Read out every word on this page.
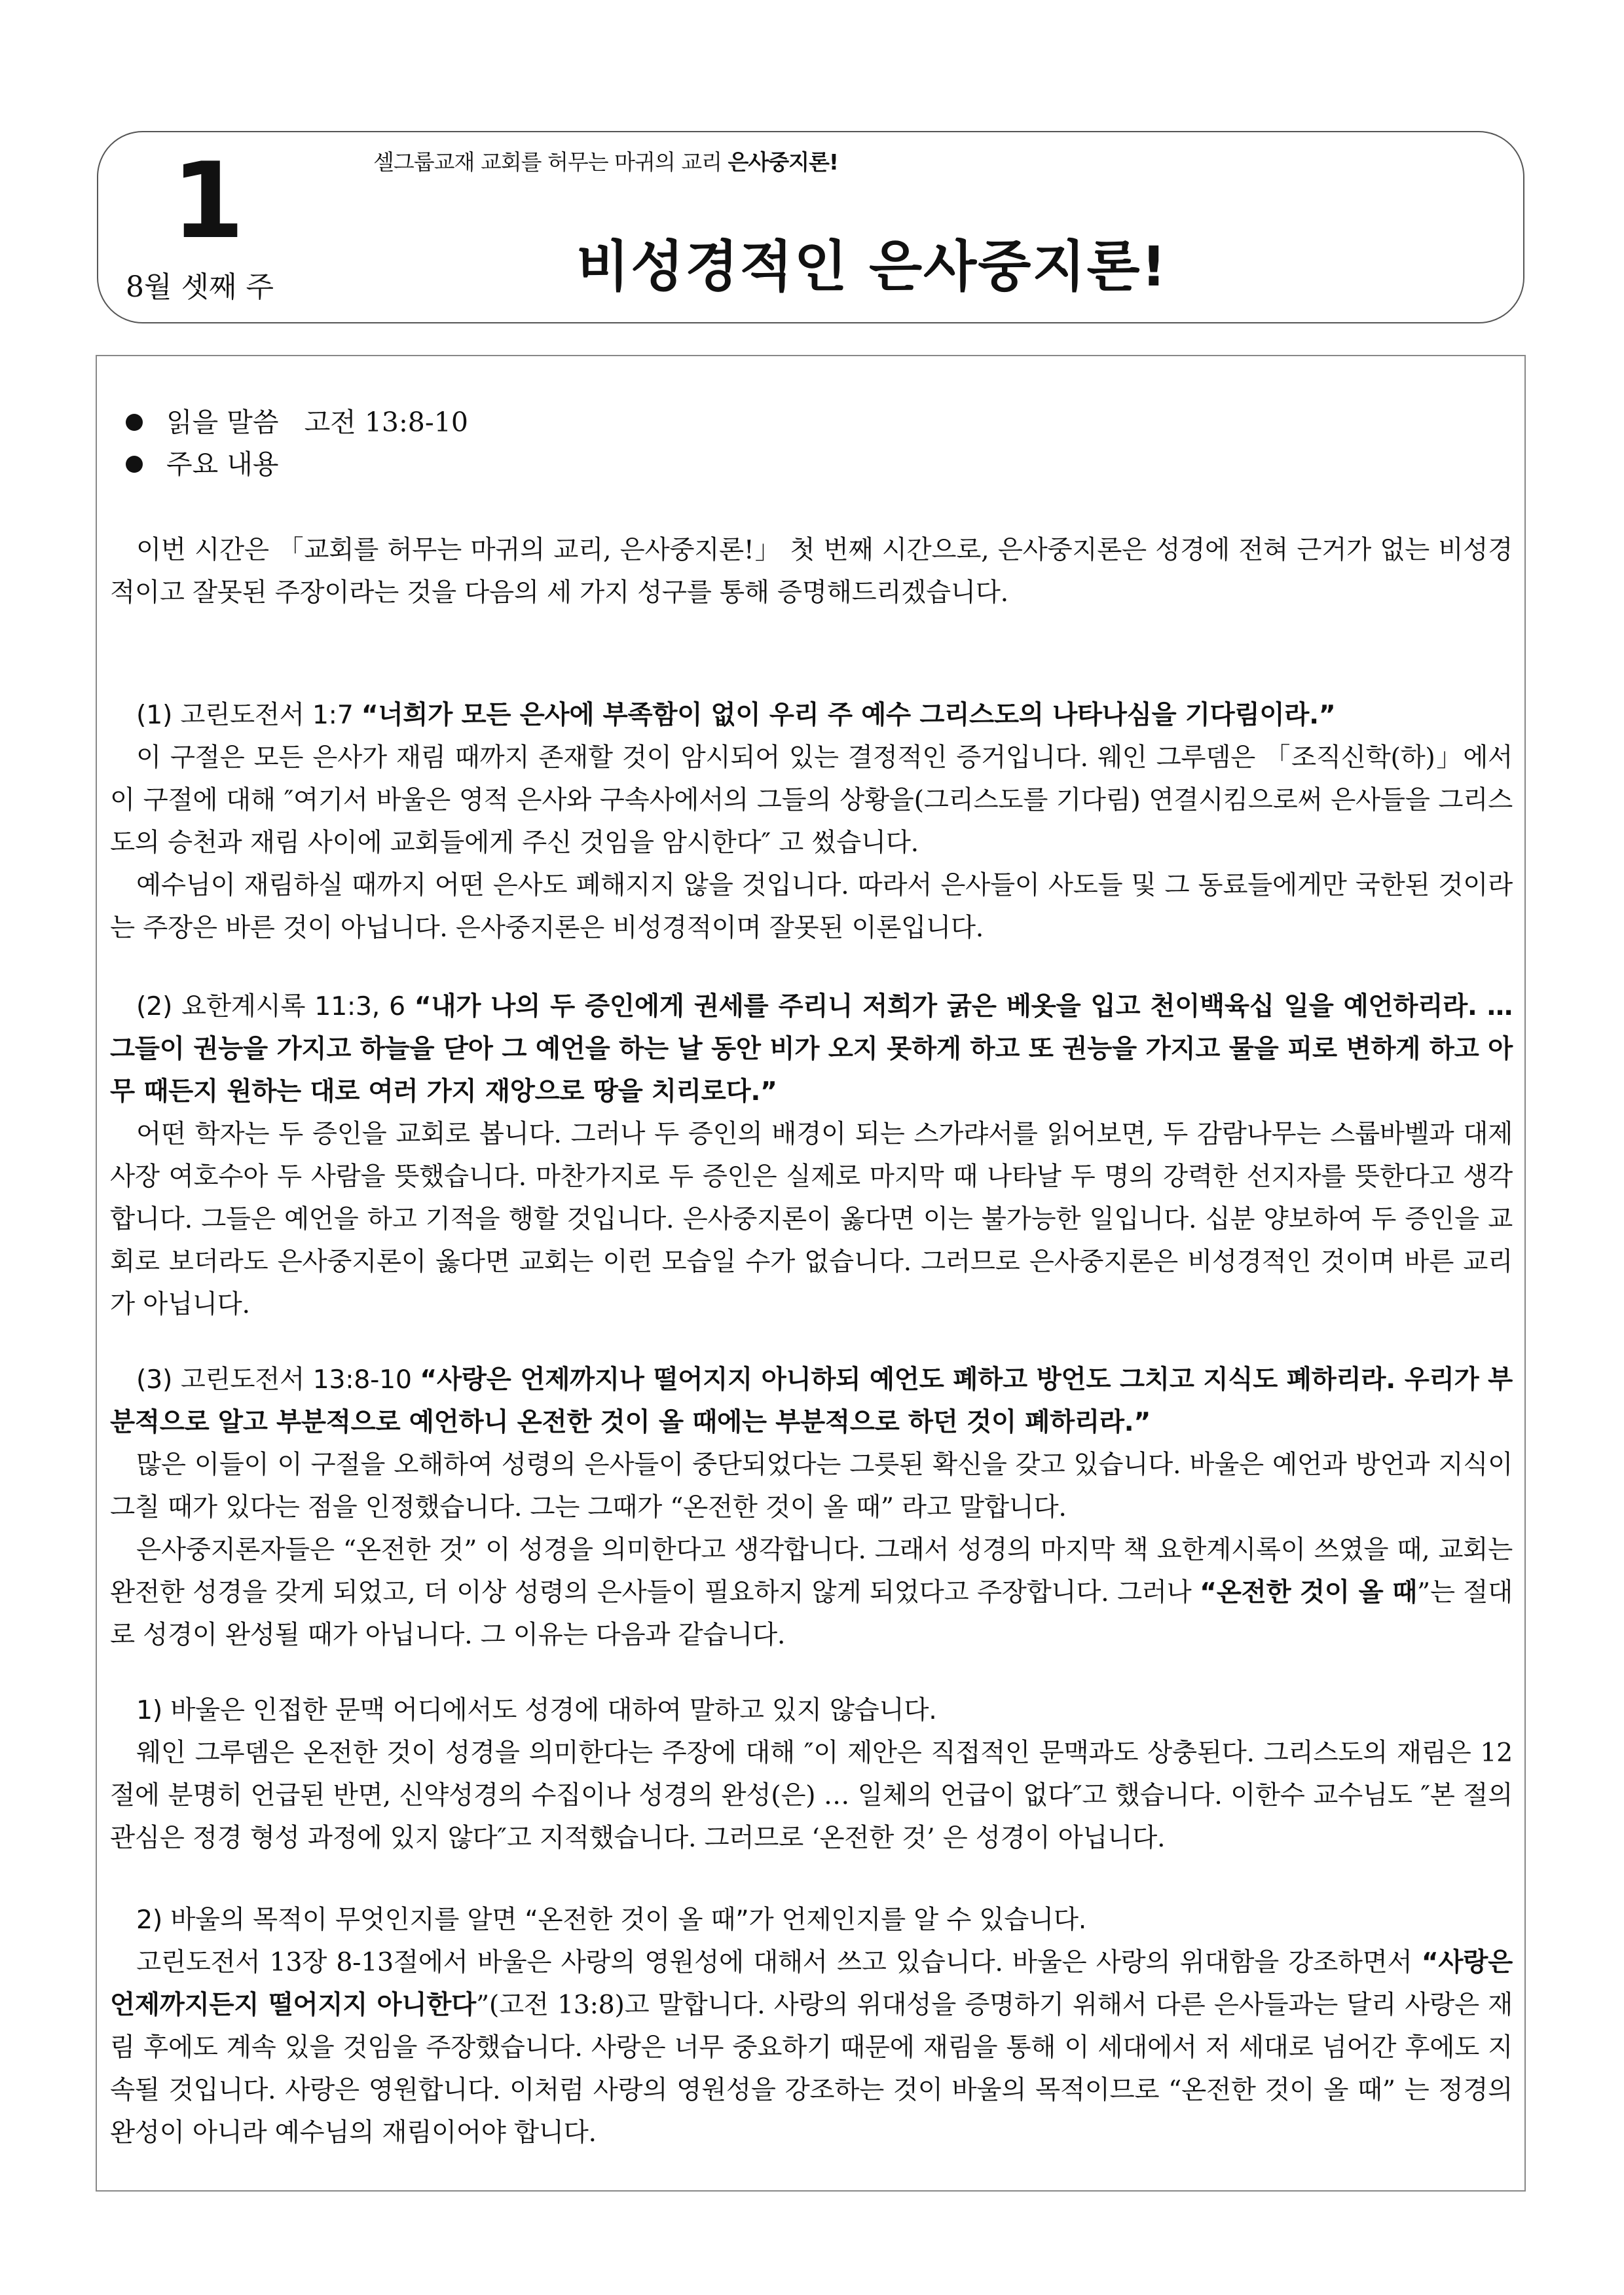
1
8월 셋째 주
셀그룹교재 교회를 허무는 마귀의 교리 은사중지론!
비성경적인 은사중지론!
읽을 말씀 고전 13:8-10
주요 내용

이번 시간은 「교회를 허무는 마귀의 교리, 은사중지론!」 첫 번째 시간으로, 은사중지론은 성경에 전혀 근거가 없는 비성경적이고 잘못된 주장이라는 것을 다음의 세 가지 성구를 통해 증명해드리겠습니다.

(1) 고린도전서 1:7 “너희가 모든 은사에 부족함이 없이 우리 주 예수 그리스도의 나타나심을 기다림이라.”

이 구절은 모든 은사가 재림 때까지 존재할 것이 암시되어 있는 결정적인 증거입니다. 웨인 그루뎀은 「조직신학(하)」에서 이 구절에 대해 ″여기서 바울은 영적 은사와 구속사에서의 그들의 상황을(그리스도를 기다림) 연결시킴으로써 은사들을 그리스도의 승천과 재림 사이에 교회들에게 주신 것임을 암시한다″ 고 썼습니다.

예수님이 재림하실 때까지 어떤 은사도 폐해지지 않을 것입니다. 따라서 은사들이 사도들 및 그 동료들에게만 국한된 것이라는 주장은 바른 것이 아닙니다. 은사중지론은 비성경적이며 잘못된 이론입니다.

(2) 요한계시록 11:3, 6 “내가 나의 두 증인에게 권세를 주리니 저희가 굵은 베옷을 입고 천이백육십 일을 예언하리라. … 그들이 권능을 가지고 하늘을 닫아 그 예언을 하는 날 동안 비가 오지 못하게 하고 또 권능을 가지고 물을 피로 변하게 하고 아무 때든지 원하는 대로 여러 가지 재앙으로 땅을 치리로다.”

어떤 학자는 두 증인을 교회로 봅니다. 그러나 두 증인의 배경이 되는 스가랴서를 읽어보면, 두 감람나무는 스룹바벨과 대제사장 여호수아 두 사람을 뜻했습니다. 마찬가지로 두 증인은 실제로 마지막 때 나타날 두 명의 강력한 선지자를 뜻한다고 생각합니다. 그들은 예언을 하고 기적을 행할 것입니다. 은사중지론이 옳다면 이는 불가능한 일입니다. 십분 양보하여 두 증인을 교회로 보더라도 은사중지론이 옳다면 교회는 이런 모습일 수가 없습니다. 그러므로 은사중지론은 비성경적인 것이며 바른 교리가 아닙니다.

(3) 고린도전서 13:8-10 “사랑은 언제까지나 떨어지지 아니하되 예언도 폐하고 방언도 그치고 지식도 폐하리라. 우리가 부분적으로 알고 부분적으로 예언하니 온전한 것이 올 때에는 부분적으로 하던 것이 폐하리라.”

많은 이들이 이 구절을 오해하여 성령의 은사들이 중단되었다는 그릇된 확신을 갖고 있습니다. 바울은 예언과 방언과 지식이 그칠 때가 있다는 점을 인정했습니다. 그는 그때가 “온전한 것이 올 때” 라고 말합니다.

은사중지론자들은 “온전한 것” 이 성경을 의미한다고 생각합니다. 그래서 성경의 마지막 책 요한계시록이 쓰였을 때, 교회는 완전한 성경을 갖게 되었고, 더 이상 성령의 은사들이 필요하지 않게 되었다고 주장합니다. 그러나 “온전한 것이 올 때”는 절대로 성경이 완성될 때가 아닙니다. 그 이유는 다음과 같습니다.

1) 바울은 인접한 문맥 어디에서도 성경에 대하여 말하고 있지 않습니다.

웨인 그루뎀은 온전한 것이 성경을 의미한다는 주장에 대해 ″이 제안은 직접적인 문맥과도 상충된다. 그리스도의 재림은 12절에 분명히 언급된 반면, 신약성경의 수집이나 성경의 완성(은) … 일체의 언급이 없다″고 했습니다. 이한수 교수님도 ″본 절의 관심은 정경 형성 과정에 있지 않다″고 지적했습니다. 그러므로 ‘온전한 것’ 은 성경이 아닙니다.

2) 바울의 목적이 무엇인지를 알면 “온전한 것이 올 때”가 언제인지를 알 수 있습니다.

고린도전서 13장 8-13절에서 바울은 사랑의 영원성에 대해서 쓰고 있습니다. 바울은 사랑의 위대함을 강조하면서 “사랑은 언제까지든지 떨어지지 아니한다”(고전 13:8)고 말합니다. 사랑의 위대성을 증명하기 위해서 다른 은사들과는 달리 사랑은 재림 후에도 계속 있을 것임을 주장했습니다. 사랑은 너무 중요하기 때문에 재림을 통해 이 세대에서 저 세대로 넘어간 후에도 지속될 것입니다. 사랑은 영원합니다. 이처럼 사랑의 영원성을 강조하는 것이 바울의 목적이므로 “온전한 것이 올 때” 는 정경의 완성이 아니라 예수님의 재림이어야 합니다.
